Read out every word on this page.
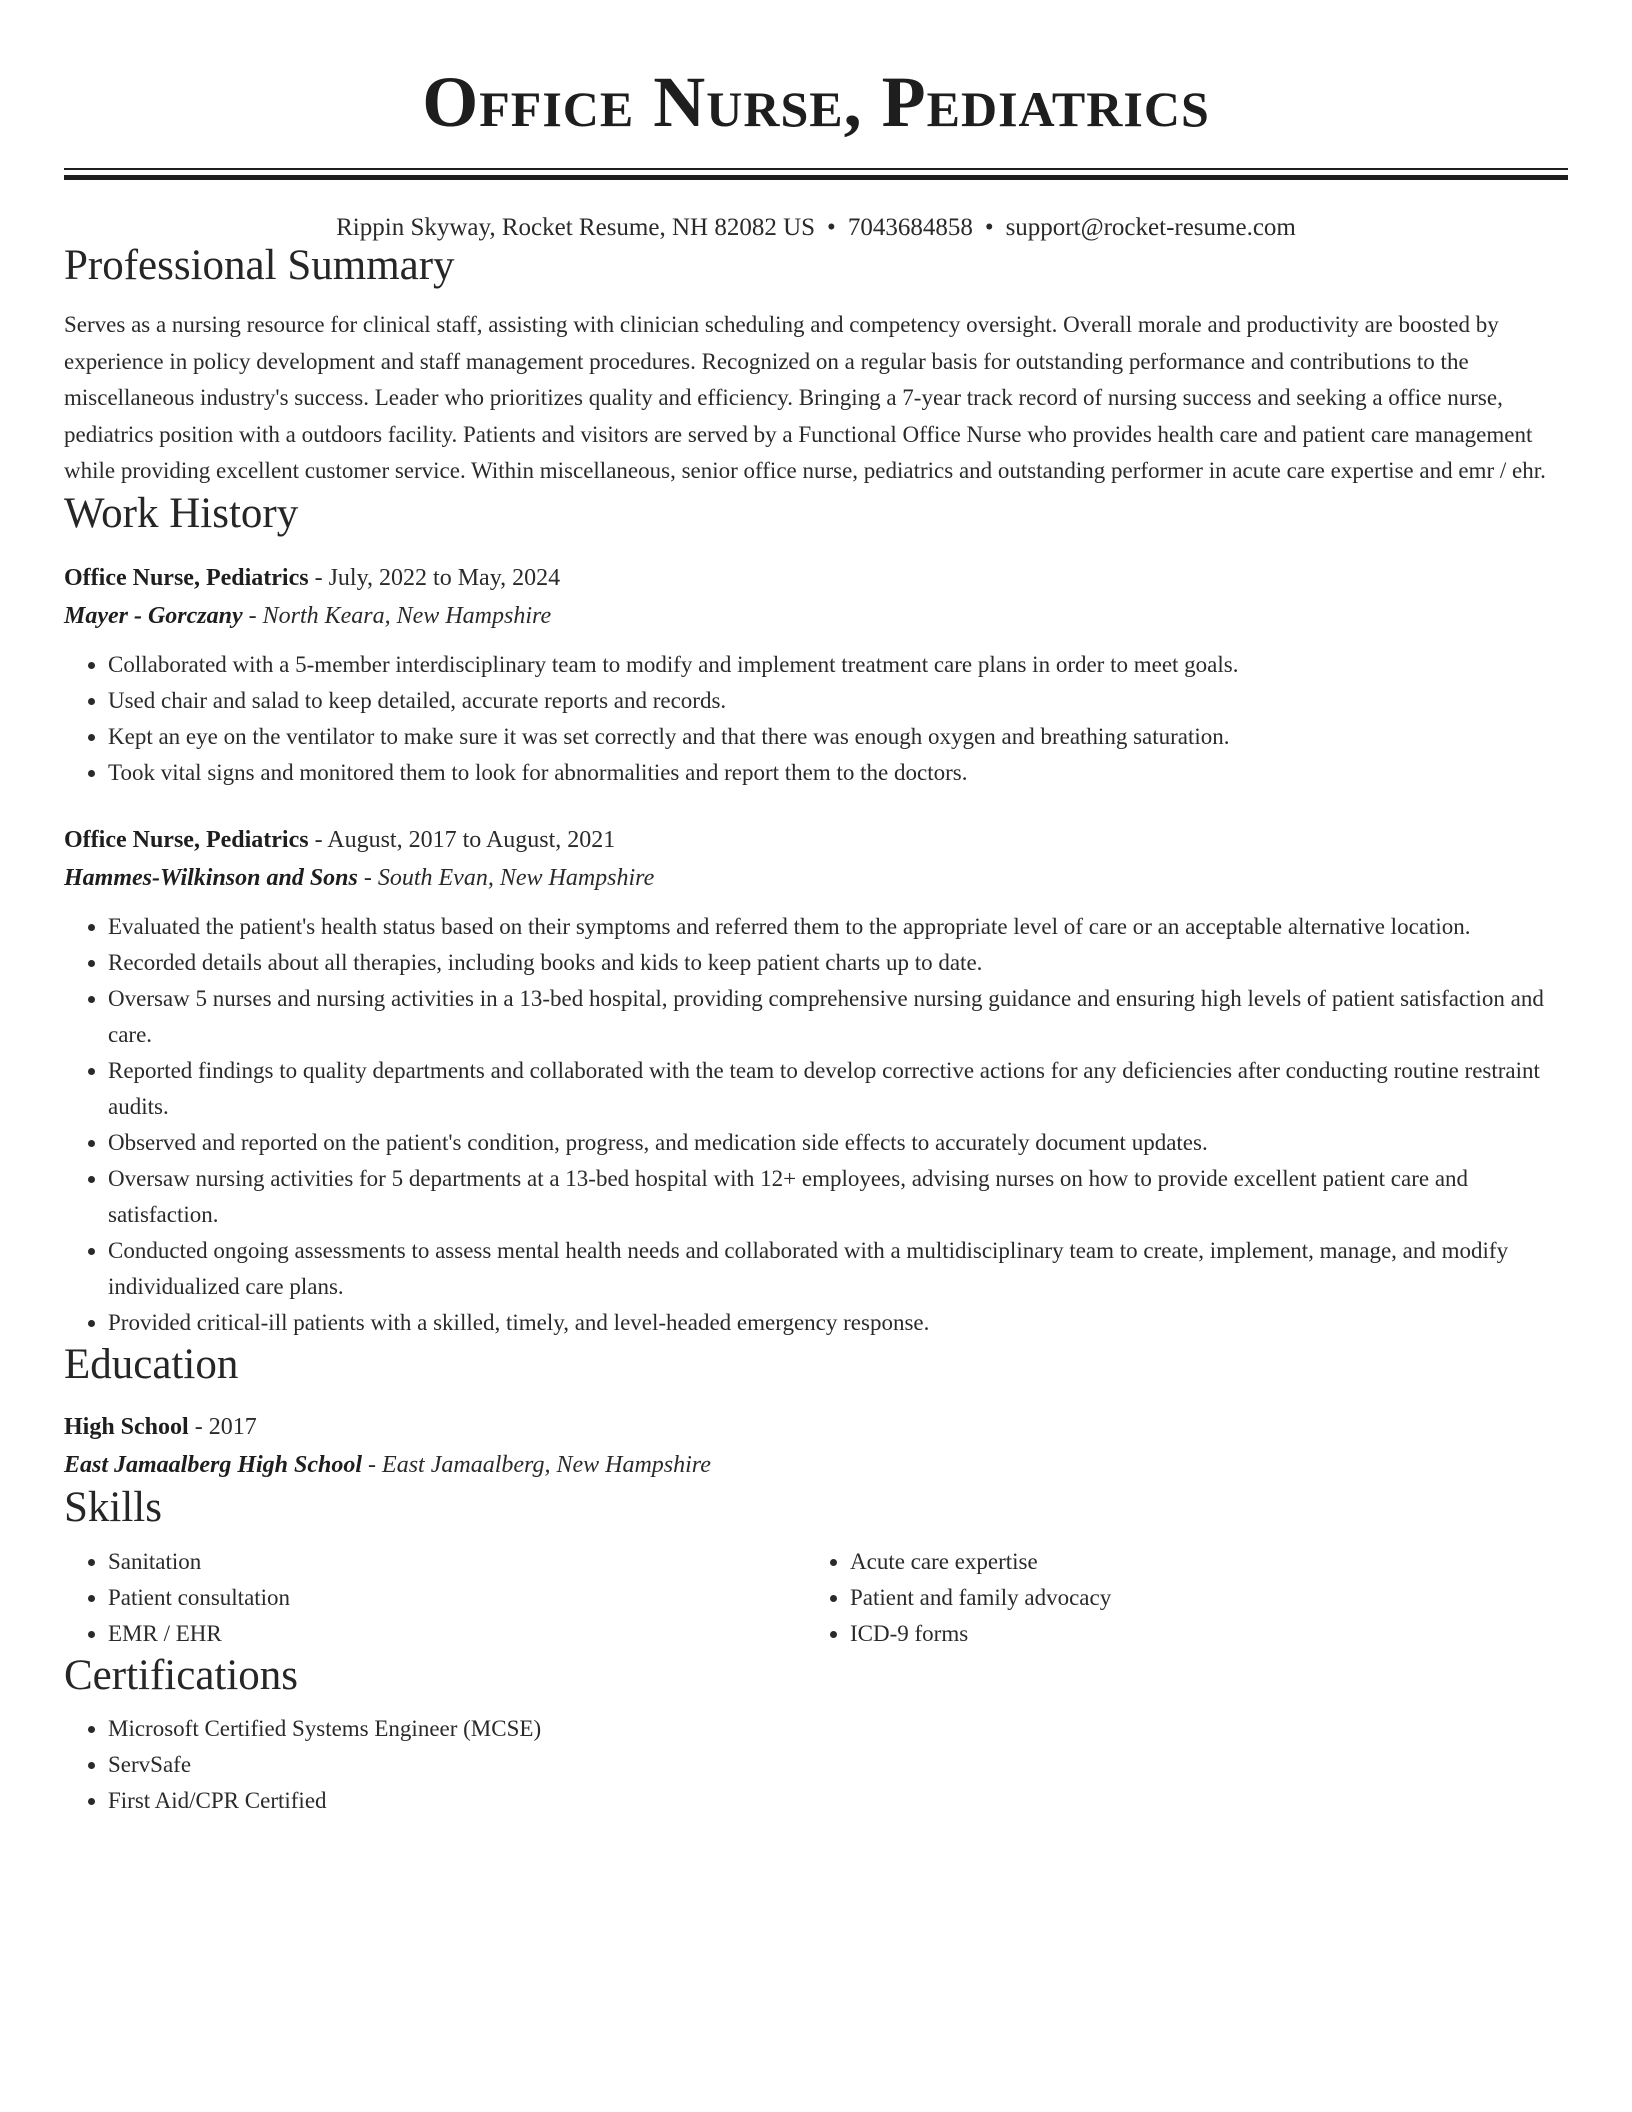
Office Nurse, Pediatrics
Rippin Skyway, Rocket Resume, NH 82082 US • 7043684858 • support@rocket-resume.com
Professional Summary
Serves as a nursing resource for clinical staff, assisting with clinician scheduling and competency oversight. Overall morale and productivity are boosted by experience in policy development and staff management procedures. Recognized on a regular basis for outstanding performance and contributions to the miscellaneous industry's success. Leader who prioritizes quality and efficiency. Bringing a 7-year track record of nursing success and seeking a office nurse, pediatrics position with a outdoors facility. Patients and visitors are served by a Functional Office Nurse who provides health care and patient care management while providing excellent customer service. Within miscellaneous, senior office nurse, pediatrics and outstanding performer in acute care expertise and emr / ehr.
Work History
Office Nurse, Pediatrics - July, 2022 to May, 2024
Mayer - Gorczany - North Keara, New Hampshire
• Collaborated with a 5-member interdisciplinary team to modify and implement treatment care plans in order to meet goals.
• Used chair and salad to keep detailed, accurate reports and records.
• Kept an eye on the ventilator to make sure it was set correctly and that there was enough oxygen and breathing saturation.
• Took vital signs and monitored them to look for abnormalities and report them to the doctors.
Office Nurse, Pediatrics - August, 2017 to August, 2021
Hammes-Wilkinson and Sons - South Evan, New Hampshire
• Evaluated the patient's health status based on their symptoms and referred them to the appropriate level of care or an acceptable alternative location.
• Recorded details about all therapies, including books and kids to keep patient charts up to date.
• Oversaw 5 nurses and nursing activities in a 13-bed hospital, providing comprehensive nursing guidance and ensuring high levels of patient satisfaction and care.
• Reported findings to quality departments and collaborated with the team to develop corrective actions for any deficiencies after conducting routine restraint audits.
• Observed and reported on the patient's condition, progress, and medication side effects to accurately document updates.
• Oversaw nursing activities for 5 departments at a 13-bed hospital with 12+ employees, advising nurses on how to provide excellent patient care and satisfaction.
• Conducted ongoing assessments to assess mental health needs and collaborated with a multidisciplinary team to create, implement, manage, and modify individualized care plans.
• Provided critical-ill patients with a skilled, timely, and level-headed emergency response.
Education
High School - 2017
East Jamaalberg High School - East Jamaalberg, New Hampshire
Skills
• Sanitation
• Patient consultation
• EMR / EHR
• Acute care expertise
• Patient and family advocacy
• ICD-9 forms
Certifications
• Microsoft Certified Systems Engineer (MCSE)
• ServSafe
• First Aid/CPR Certified
